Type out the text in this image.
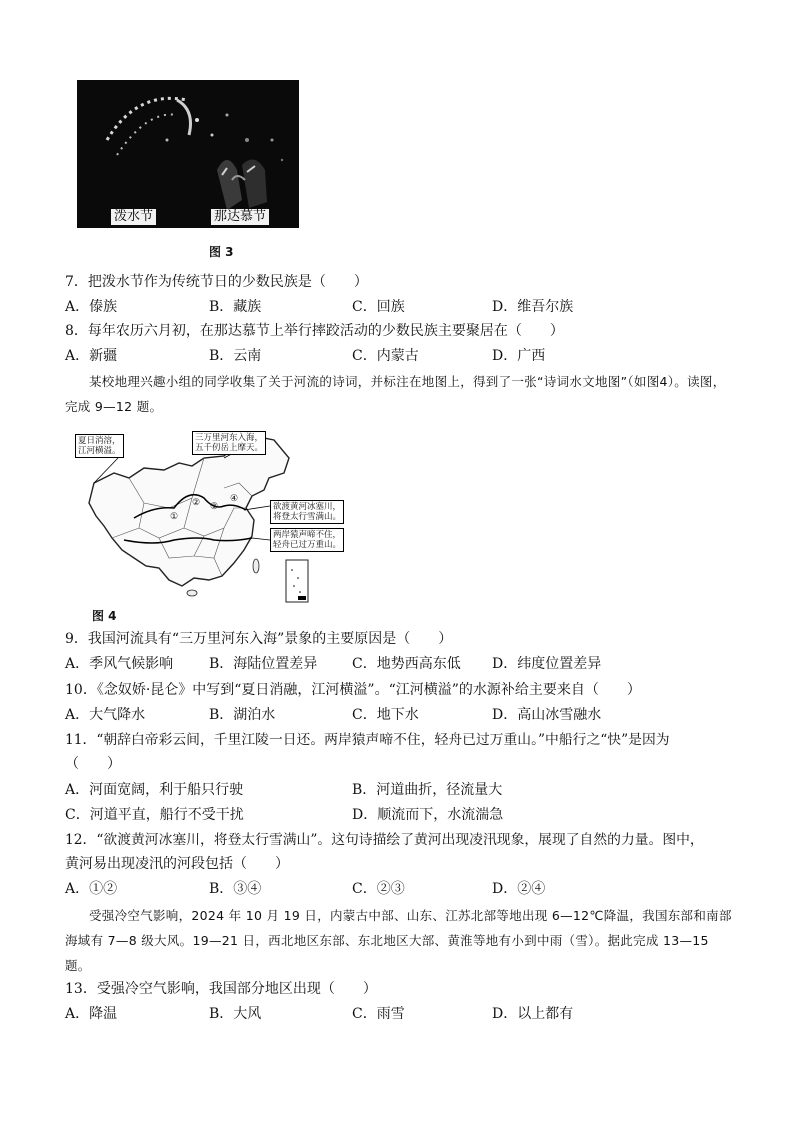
泼水节	那达慕节
图 3
7．把泼水节作为传统节日的少数民族是（　　）
A．傣族	B．藏族	C．回族	D．维吾尔族
8．每年农历六月初，在那达慕节上举行摔跤活动的少数民族主要聚居在（　　）
A．新疆	B．云南	C．内蒙古	D．广西
某校地理兴趣小组的同学收集了关于河流的诗词，并标注在地图上，得到了一张“诗词水文地图”（如图4）。读图，完成 9—12 题。
夏日消溶，
江河横溢。
三万里河东入海，
五千仞岳上摩天。
欲渡黄河冰塞川，
将登太行雪满山。
两岸猿声啼不住，
轻舟已过万重山。
①
② ③
④
图 4
9．我国河流具有“三万里河东入海”景象的主要原因是（　　）
A．季风气候影响	B．海陆位置差异 C．地势西高东低 D．纬度位置差异
10．《念奴娇·昆仑》中写到“夏日消融，江河横溢”。“江河横溢”的水源补给主要来自（　　）
A．大气降水	B．湖泊水	C．地下水	D．高山冰雪融水
11．“朝辞白帝彩云间，千里江陵一日还。两岸猿声啼不住，轻舟已过万重山。”中船行之“快”是因为
（　　）
A．河面宽阔，利于船只行驶	B．河道曲折，径流量大
C．河道平直，船行不受干扰	D．顺流而下，水流湍急
12．“欲渡黄河冰塞川，将登太行雪满山”。这句诗描绘了黄河出现凌汛现象，展现了自然的力量。图中，
黄河易出现凌汛的河段包括（　　）
A．①②	B．③④	C．②③	D．②④
受强冷空气影响，2024 年 10 月 19 日，内蒙古中部、山东、江苏北部等地出现 6—12℃降温，我国东部和南部海域有 7—8 级大风。19—21 日，西北地区东部、东北地区大部、黄淮等地有小到中雨（雪）。据此完成 13—15 题。
13．受强冷空气影响，我国部分地区出现（　　）
A．降温	B．大风	C．雨雪	D．以上都有
